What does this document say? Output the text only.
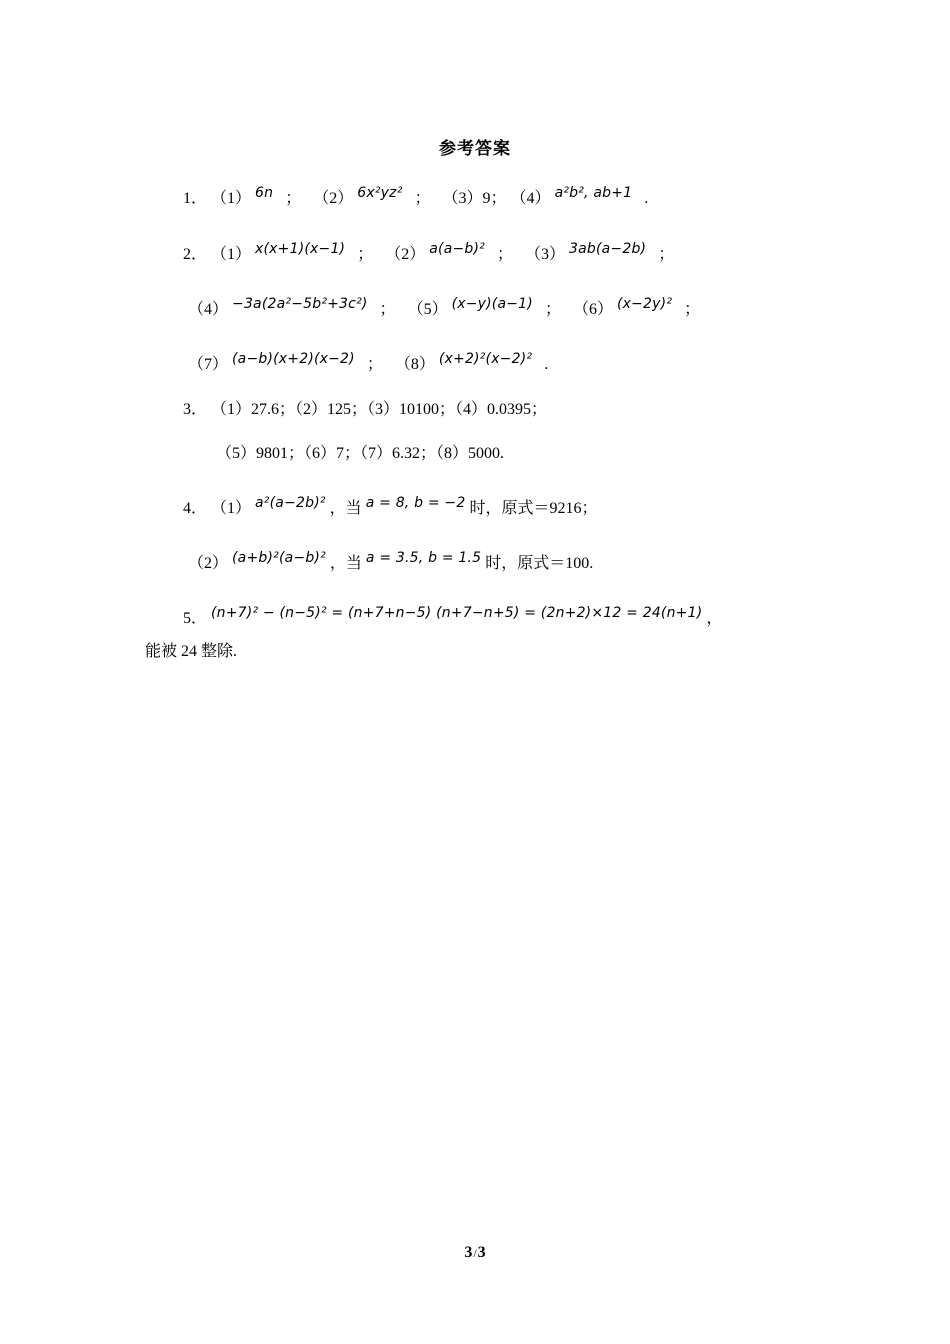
参考答案
1． （1） 6n ； （2） 6x²yz² ； （3）9； （4） a²b², ab+1 .
2． （1） x(x+1)(x−1) ； （2） a(a−b)² ； （3） 3ab(a−2b) ；
（4） −3a(2a²−5b²+3c²) ； （5） (x−y)(a−1) ； （6） (x−2y)² ；
（7） (a−b)(x+2)(x−2) ； （8） (x+2)²(x−2)² .
3． （1）27.6；（2）125；（3）10100；（4）0.0395；
（5）9801；（6）7；（7）6.32；（8）5000.
4． （1） a²(a−2b)² ，当 a = 8, b = −2 时，原式＝9216；
（2） (a+b)²(a−b)² ，当 a = 3.5, b = 1.5 时，原式＝100.
5． (n+7)² − (n−5)² = (n+7+n−5) (n+7−n+5) = (2n+2)×12 = 24(n+1) ，
能被 24 整除.
3/3
